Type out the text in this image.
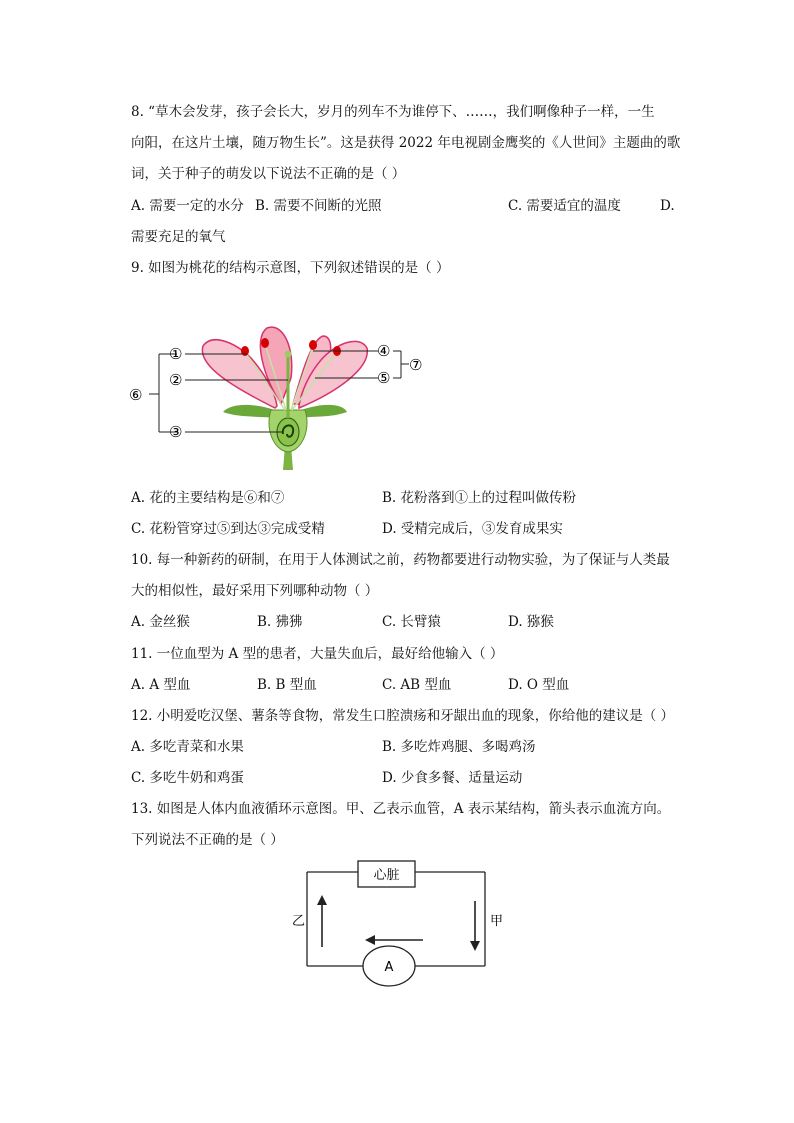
8. “草木会发芽，孩子会长大，岁月的列车不为谁停下、……，我们啊像种子一样，一生
向阳，在这片土壤，随万物生长”。这是获得 2022 年电视剧金鹰奖的《人世间》主题曲的歌
词，关于种子的萌发以下说法不正确的是（ ）
A. 需要一定的水分 B. 需要不间断的光照	C. 需要适宜的温度	D.
需要充足的氧气
9. 如图为桃花的结构示意图，下列叙述错误的是（ ）
⑥
①
②
③
④
⑤
⑦
A. 花的主要结构是⑥和⑦	B. 花粉落到①上的过程叫做传粉
C. 花粉管穿过⑤到达③完成受精	D. 受精完成后，③发育成果实
10. 每一种新药的研制，在用于人体测试之前，药物都要进行动物实验，为了保证与人类最
大的相似性，最好采用下列哪种动物（ ）
A. 金丝猴	B. 狒狒	C. 长臂猿	D. 猕猴
11. 一位血型为 A 型的患者，大量失血后，最好给他输入（ ）
A. A 型血	B. B 型血	C. AB 型血	D. O 型血
12. 小明爱吃汉堡、薯条等食物，常发生口腔溃疡和牙龈出血的现象，你给他的建议是（ ）
A. 多吃青菜和水果	B. 多吃炸鸡腿、多喝鸡汤
C. 多吃牛奶和鸡蛋	D. 少食多餐、适量运动
13. 如图是人体内血液循环示意图。甲、乙表示血管，A 表示某结构，箭头表示血流方向。
下列说法不正确的是（ ）
心脏
A
乙	甲
